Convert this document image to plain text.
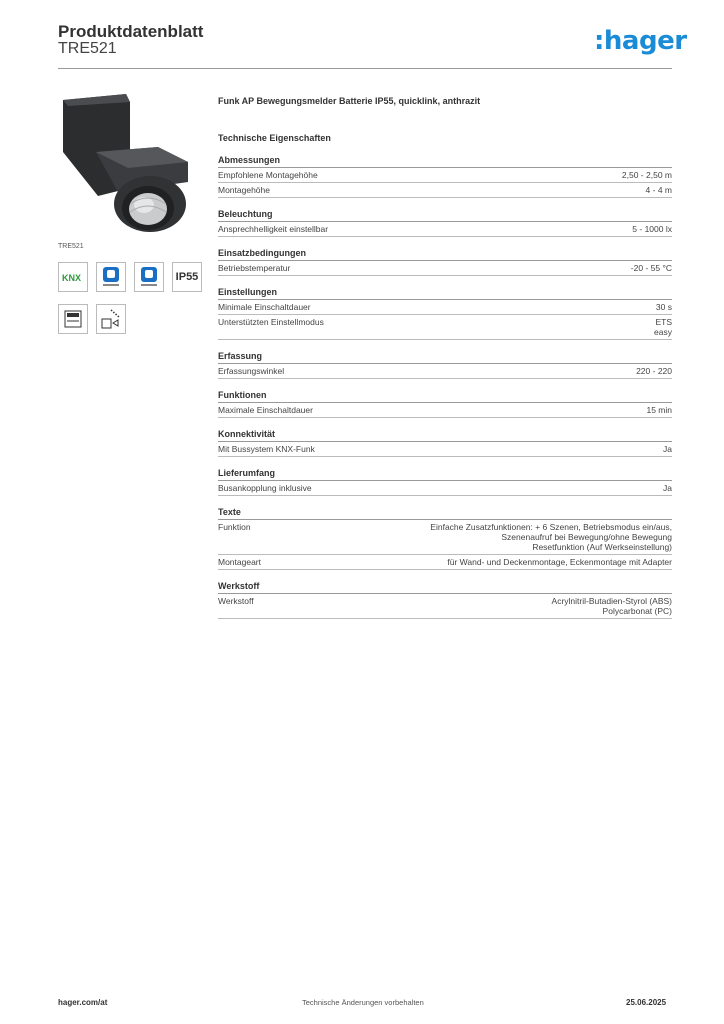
Produktdatenblatt
TRE521	:hager
TRE521
KNX	IP55
Funk AP Bewegungsmelder Batterie IP55, quicklink, anthrazit
Technische Eigenschaften
Abmessungen
Empfohlene Montagehöhe	2,50 - 2,50 m
Montagehöhe	4 - 4 m
Beleuchtung
Ansprechhelligkeit einstellbar	5 - 1000 lx
Einsatzbedingungen
Betriebstemperatur	-20 - 55 °C
Einstellungen
Minimale Einschaltdauer	30 s
Unterstützten Einstellmodus	ETS
easy
Erfassung
Erfassungswinkel	220 - 220
Funktionen
Maximale Einschaltdauer	15 min
Konnektivität
Mit Bussystem KNX-Funk	Ja
Lieferumfang
Busankopplung inklusive	Ja
Texte
Funktion	Einfache Zusatzfunktionen: + 6 Szenen, Betriebsmodus ein/aus,
Szenenaufruf bei Bewegung/ohne Bewegung
Resetfunktion (Auf Werkseinstellung)
Montageart	für Wand- und Deckenmontage, Eckenmontage mit Adapter
Werkstoff
Werkstoff	Acrylnitril-Butadien-Styrol (ABS)
Polycarbonat (PC)
hager.com/at	Technische Änderungen vorbehalten	25.06.2025
